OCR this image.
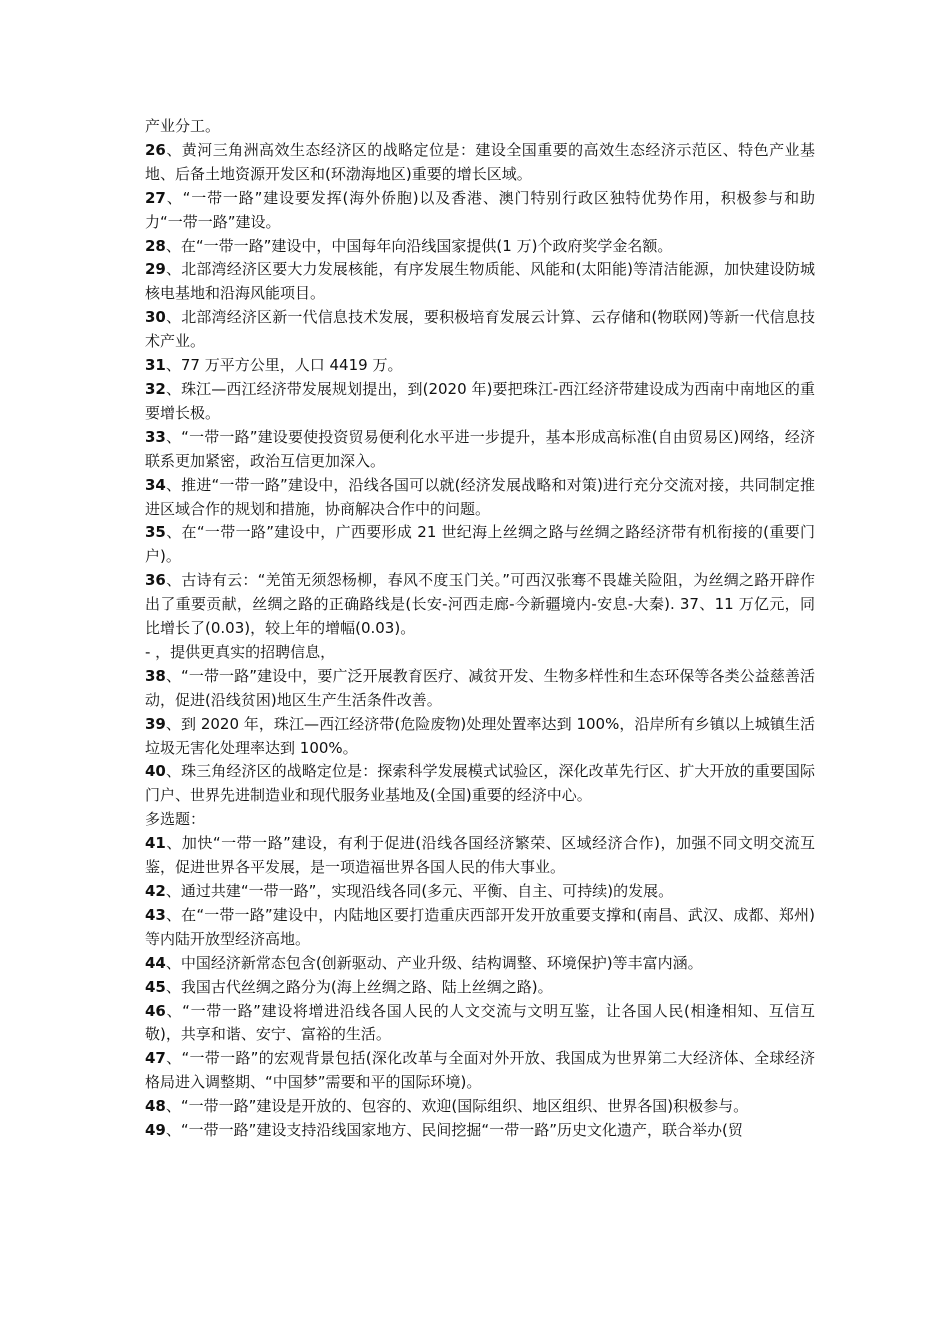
产业分工。

26、黄河三角洲高效生态经济区的战略定位是：建设全国重要的高效生态经济示范区、特色产业基地、后备土地资源开发区和(环渤海地区)重要的增长区域。

27、“一带一路”建设要发挥(海外侨胞)以及香港、澳门特别行政区独特优势作用，积极参与和助力“一带一路”建设。

28、在“一带一路”建设中，中国每年向沿线国家提供(1 万)个政府奖学金名额。

29、北部湾经济区要大力发展核能，有序发展生物质能、风能和(太阳能)等清洁能源，加快建设防城核电基地和沿海风能项目。

30、北部湾经济区新一代信息技术发展，要积极培育发展云计算、云存储和(物联网)等新一代信息技术产业。

31、77 万平方公里，人口 4419 万。

32、珠江—西江经济带发展规划提出，到(2020 年)要把珠江-西江经济带建设成为西南中南地区的重要增长极。

33、“一带一路”建设要使投资贸易便利化水平进一步提升，基本形成高标准(自由贸易区)网络，经济联系更加紧密，政治互信更加深入。

34、推进“一带一路”建设中，沿线各国可以就(经济发展战略和对策)进行充分交流对接，共同制定推进区域合作的规划和措施，协商解决合作中的问题。

35、在“一带一路”建设中，广西要形成 21 世纪海上丝绸之路与丝绸之路经济带有机衔接的(重要门户)。

36、古诗有云：“羌笛无须怨杨柳，春风不度玉门关。”可西汉张骞不畏雄关险阻，为丝绸之路开辟作出了重要贡献，丝绸之路的正确路线是(长安-河西走廊-今新疆境内-安息-大秦). 37、11 万亿元，同比增长了(0.03)，较上年的增幅(0.03)。

- ，提供更真实的招聘信息，

38、“一带一路”建设中，要广泛开展教育医疗、减贫开发、生物多样性和生态环保等各类公益慈善活动，促进(沿线贫困)地区生产生活条件改善。

39、到 2020 年，珠江—西江经济带(危险废物)处理处置率达到 100%，沿岸所有乡镇以上城镇生活垃圾无害化处理率达到 100%。

40、珠三角经济区的战略定位是：探索科学发展模式试验区，深化改革先行区、扩大开放的重要国际门户、世界先进制造业和现代服务业基地及(全国)重要的经济中心。

多选题：

41、加快“一带一路”建设，有利于促进(沿线各国经济繁荣、区域经济合作)，加强不同文明交流互鉴，促进世界各平发展，是一项造福世界各国人民的伟大事业。

42、通过共建“一带一路”，实现沿线各同(多元、平衡、自主、可持续)的发展。

43、在“一带一路”建设中，内陆地区要打造重庆西部开发开放重要支撑和(南昌、武汉、成都、郑州)等内陆开放型经济高地。

44、中国经济新常态包含(创新驱动、产业升级、结构调整、环境保护)等丰富内涵。

45、我国古代丝绸之路分为(海上丝绸之路、陆上丝绸之路)。

46、“一带一路”建设将增进沿线各国人民的人文交流与文明互鉴，让各国人民(相逢相知、互信互敬)，共享和谐、安宁、富裕的生活。

47、“一带一路”的宏观背景包括(深化改革与全面对外开放、我国成为世界第二大经济体、全球经济格局进入调整期、“中国梦”需要和平的国际环境)。

48、“一带一路”建设是开放的、包容的、欢迎(国际组织、地区组织、世界各国)积极参与。

49、“一带一路”建设支持沿线国家地方、民间挖掘“一带一路”历史文化遗产，联合举办(贸
